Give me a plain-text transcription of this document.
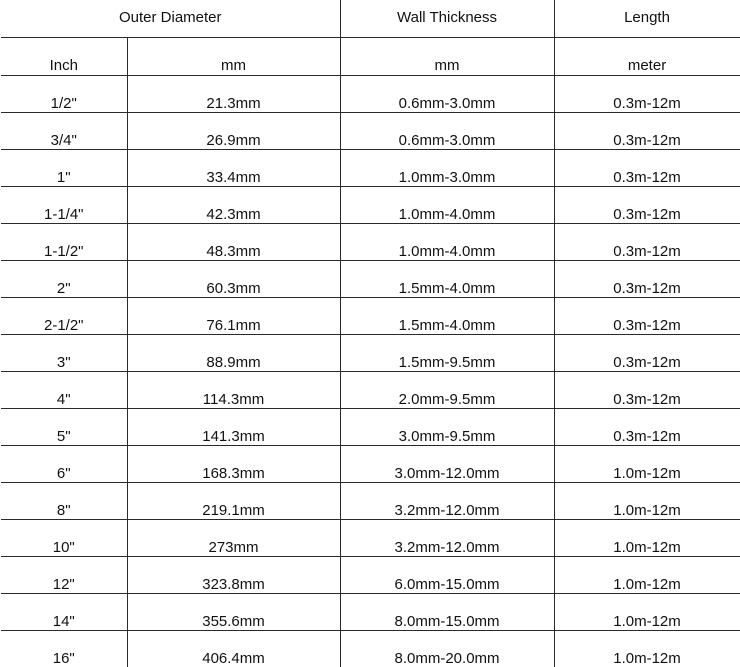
Outer Diameter		Wall Thickness	Length
Inch	mm	mm	meter
1/2"	21.3mm	0.6mm-3.0mm	0.3m-12m
3/4"	26.9mm	0.6mm-3.0mm	0.3m-12m
1"	33.4mm	1.0mm-3.0mm	0.3m-12m
1-1/4"	42.3mm	1.0mm-4.0mm	0.3m-12m
1-1/2"	48.3mm	1.0mm-4.0mm	0.3m-12m
2"	60.3mm	1.5mm-4.0mm	0.3m-12m
2-1/2"	76.1mm	1.5mm-4.0mm	0.3m-12m
3"	88.9mm	1.5mm-9.5mm	0.3m-12m
4"	114.3mm	2.0mm-9.5mm	0.3m-12m
5"	141.3mm	3.0mm-9.5mm	0.3m-12m
6"	168.3mm	3.0mm-12.0mm	1.0m-12m
8"	219.1mm	3.2mm-12.0mm	1.0m-12m
10"	273mm	3.2mm-12.0mm	1.0m-12m
12"	323.8mm	6.0mm-15.0mm	1.0m-12m
14"	355.6mm	8.0mm-15.0mm	1.0m-12m
16"	406.4mm	8.0mm-20.0mm	1.0m-12m
